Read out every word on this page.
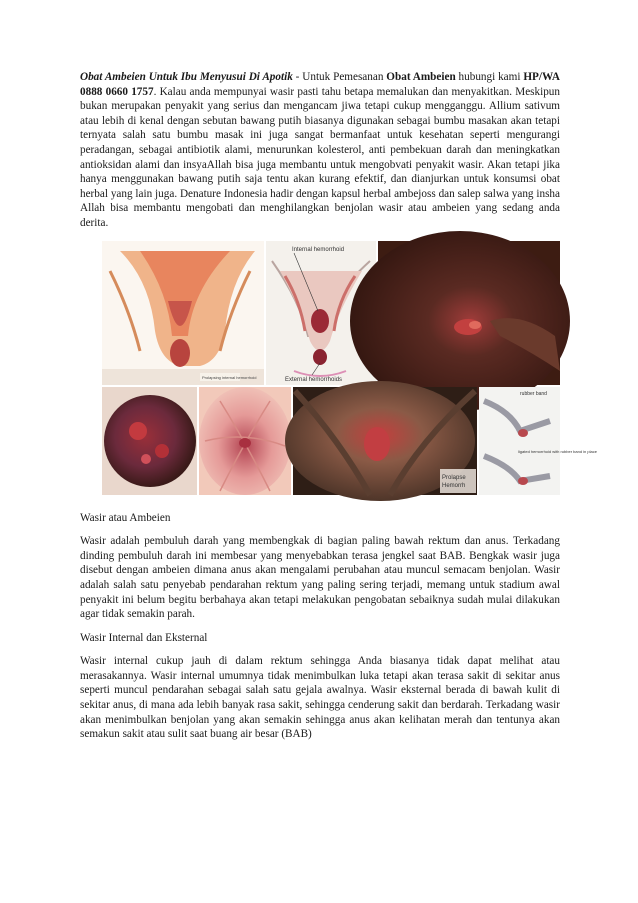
Obat Ambeien Untuk Ibu Menyusui Di Apotik - Untuk Pemesanan Obat Ambeien hubungi kami HP/WA 0888 0660 1757. Kalau anda mempunyai wasir pasti tahu betapa memalukan dan menyakitkan. Meskipun bukan merupakan penyakit yang serius dan mengancam jiwa tetapi cukup mengganggu. Allium sativum atau lebih di kenal dengan sebutan bawang putih biasanya digunakan sebagai bumbu masakan akan tetapi ternyata salah satu bumbu masak ini juga sangat bermanfaat untuk kesehatan seperti mengurangi peradangan, sebagai antibiotik alami, menurunkan kolesterol, anti pembekuan darah dan meningkatkan antioksidan alami dan insyaAllah bisa juga membantu untuk mengobvati penyakit wasir. Akan tetapi jika hanya menggunakan bawang putih saja tentu akan kurang efektif, dan dianjurkan untuk konsumsi obat herbal yang lain juga. Denature Indonesia hadir dengan kapsul herbal ambejoss dan salep salwa yang insha Allah bisa membantu mengobati dan menghilangkan benjolan wasir atau ambeien yang sedang anda derita.

Prolapsing internal hemorrhoid
Internal hemorrhoid
External hemorrhoids
Prolapse
Hemorrh
rubber band
ligated hemorrhoid with rubber band in place

Wasir atau Ambeien

Wasir adalah pembuluh darah yang membengkak di bagian paling bawah rektum dan anus. Terkadang dinding pembuluh darah ini membesar yang menyebabkan terasa jengkel saat BAB. Bengkak wasir juga disebut dengan ambeien dimana anus akan mengalami perubahan atau muncul semacam benjolan. Wasir adalah salah satu penyebab pendarahan rektum yang paling sering terjadi, memang untuk stadium awal penyakit ini belum begitu berbahaya akan tetapi melakukan pengobatan sebaiknya sudah mulai dilakukan agar tidak semakin parah.

Wasir Internal dan Eksternal

Wasir internal cukup jauh di dalam rektum sehingga Anda biasanya tidak dapat melihat atau merasakannya. Wasir internal umumnya tidak menimbulkan luka tetapi akan terasa sakit di sekitar anus seperti muncul pendarahan sebagai salah satu gejala awalnya. Wasir eksternal berada di bawah kulit di sekitar anus, di mana ada lebih banyak rasa sakit, sehingga cenderung sakit dan berdarah. Terkadang wasir akan menimbulkan benjolan yang akan semakin sehingga anus akan kelihatan merah dan tentunya akan semakun sakit atau sulit saat buang air besar (BAB)
